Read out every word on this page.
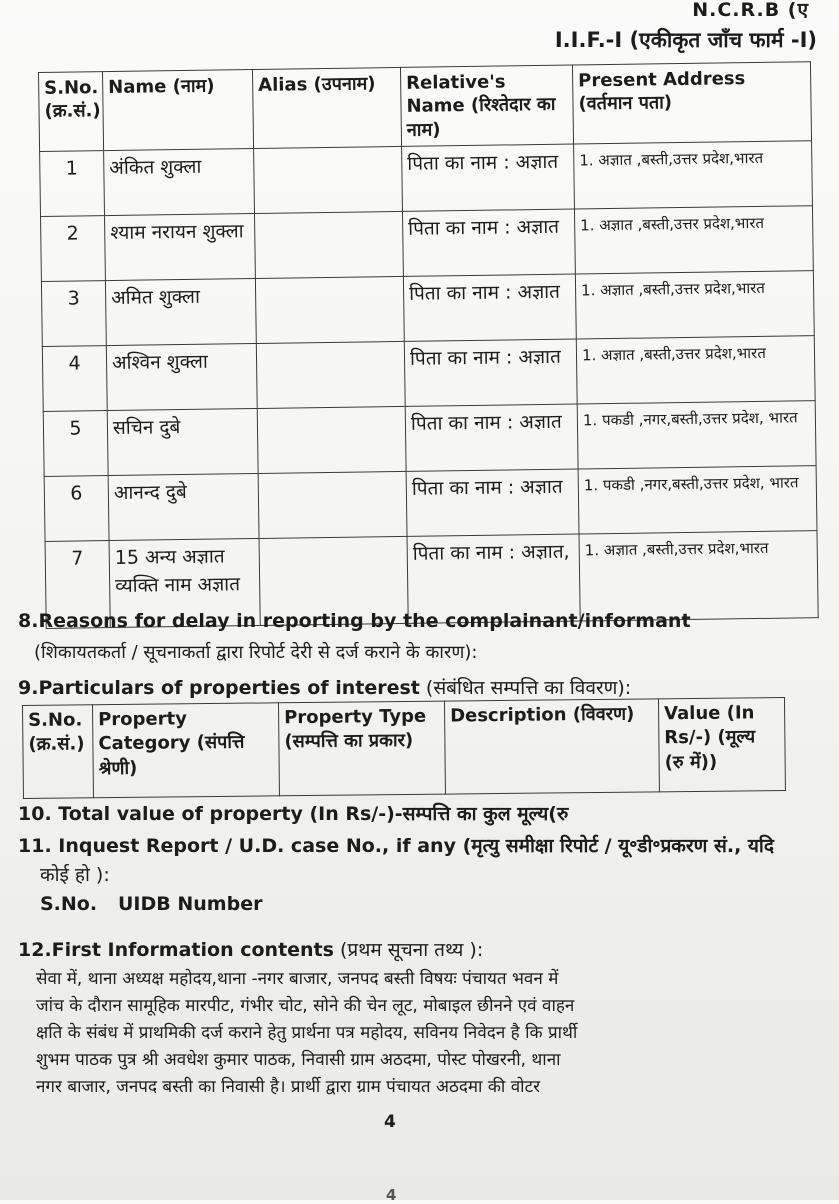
N.C.R.B (ए
I.I.F.-I (एकीकृत जाँच फार्म -I)
S.No. (क्र.सं.)	Name (नाम)	Alias (उपनाम)	Relative's Name (रिश्तेदार का नाम)	Present Address (वर्तमान पता)
1	अंकित शुक्ला		पिता का नाम : अज्ञात	1. अज्ञात ,बस्ती,उत्तर प्रदेश,भारत
2	श्याम नरायन शुक्ला		पिता का नाम : अज्ञात	1. अज्ञात ,बस्ती,उत्तर प्रदेश,भारत
3	अमित शुक्ला		पिता का नाम : अज्ञात	1. अज्ञात ,बस्ती,उत्तर प्रदेश,भारत
4	अश्विन शुक्ला		पिता का नाम : अज्ञात	1. अज्ञात ,बस्ती,उत्तर प्रदेश,भारत
5	सचिन दुबे		पिता का नाम : अज्ञात	1. पकडी ,नगर,बस्ती,उत्तर प्रदेश, भारत
6	आनन्द दुबे		पिता का नाम : अज्ञात	1. पकडी ,नगर,बस्ती,उत्तर प्रदेश, भारत
7	15 अन्य अज्ञात व्यक्ति नाम अज्ञात		पिता का नाम : अज्ञात,	1. अज्ञात ,बस्ती,उत्तर प्रदेश,भारत
8.Reasons for delay in reporting by the complainant/informant
(शिकायतकर्ता / सूचनाकर्ता द्वारा रिपोर्ट देरी से दर्ज कराने के कारण):
9.Particulars of properties of interest (संबंधित सम्पत्ति का विवरण):
S.No. (क्र.सं.)	Property Category (संपत्ति श्रेणी)	Property Type (सम्पत्ति का प्रकार)	Description (विवरण)	Value (In Rs/-) (मूल्य (रु में))
10. Total value of property (In Rs/-)-सम्पत्ति का कुल मूल्य(रु
11. Inquest Report / U.D. case No., if any (मृत्यु समीक्षा रिपोर्ट / यू॰डी॰प्रकरण सं., यदि
कोई हो ):
S.No. UIDB Number
12.First Information contents (प्रथम सूचना तथ्य ):
सेवा में, थाना अध्यक्ष महोदय,थाना -नगर बाजार, जनपद बस्ती विषयः पंचायत भवन में
जांच के दौरान सामूहिक मारपीट, गंभीर चोट, सोने की चेन लूट, मोबाइल छीनने एवं वाहन
क्षति के संबंध में प्राथमिकी दर्ज कराने हेतु प्रार्थना पत्र महोदय, सविनय निवेदन है कि प्रार्थी
शुभम पाठक पुत्र श्री अवधेश कुमार पाठक, निवासी ग्राम अठदमा, पोस्ट पोखरनी, थाना
नगर बाजार, जनपद बस्ती का निवासी है। प्रार्थी द्वारा ग्राम पंचायत अठदमा की वोटर
4
4
